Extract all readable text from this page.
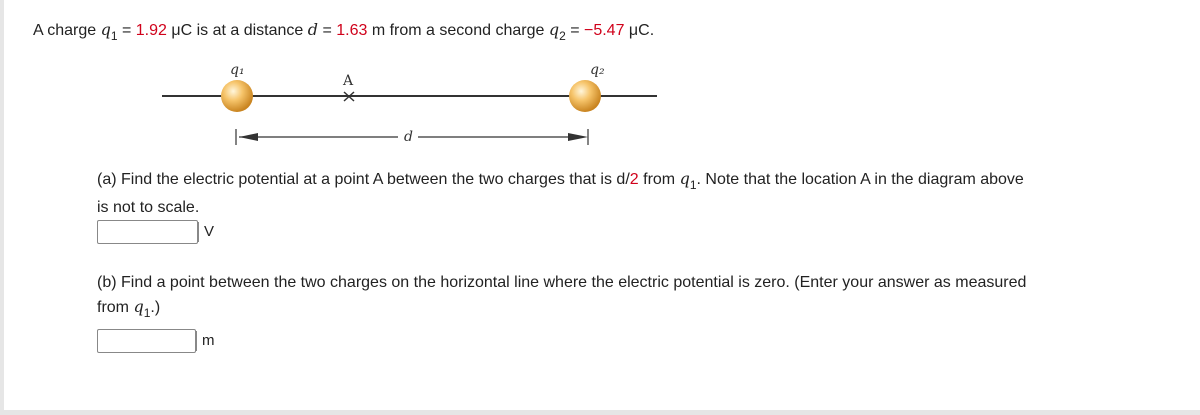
A charge $q_1 = 1.92$ μC is at a distance d = 1.63 m from a second charge $q_2 = -5.47$ μC.
q₁	q₂
A
d
(a) Find the electric potential at a point A between the two charges that is d/2 from $q_1$. Note that the location A in the diagram above
is not to scale.
V
(b) Find a point between the two charges on the horizontal line where the electric potential is zero. (Enter your answer as measured
from $q_1$.)
m
